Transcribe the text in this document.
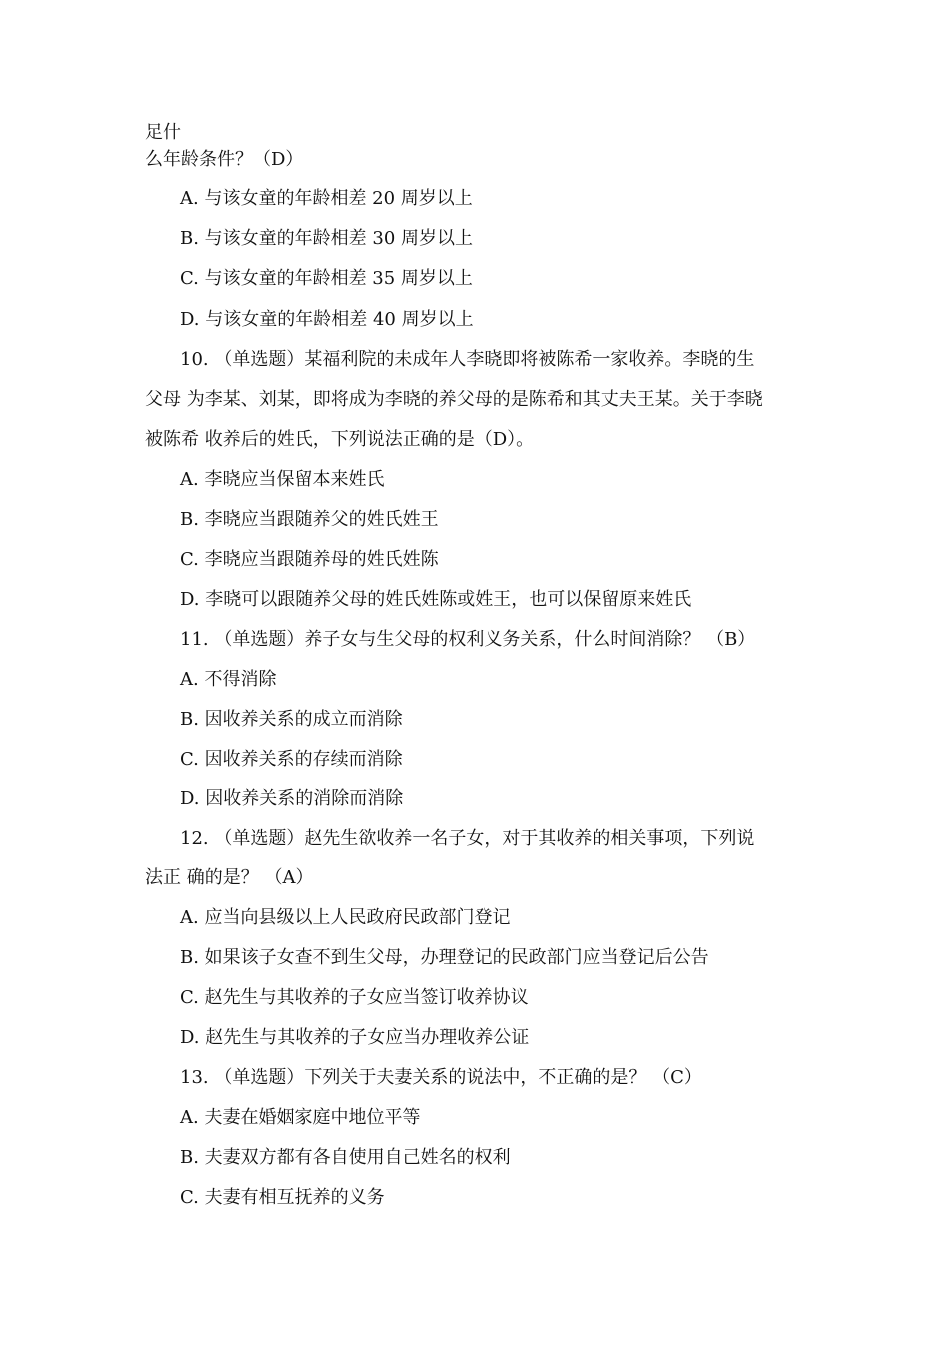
足什
么年龄条件？（D）
A. 与该女童的年龄相差 20 周岁以上
B. 与该女童的年龄相差 30 周岁以上
C. 与该女童的年龄相差 35 周岁以上
D. 与该女童的年龄相差 40 周岁以上
10. （单选题）某福利院的未成年人李晓即将被陈希一家收养。李晓的生
父母 为李某、刘某，即将成为李晓的养父母的是陈希和其丈夫王某。关于李晓
被陈希 收养后的姓氏，下列说法正确的是（D）。
A. 李晓应当保留本来姓氏
B. 李晓应当跟随养父的姓氏姓王
C. 李晓应当跟随养母的姓氏姓陈
D. 李晓可以跟随养父母的姓氏姓陈或姓王，也可以保留原来姓氏
11. （单选题）养子女与生父母的权利义务关系，什么时间消除？ （B）
A. 不得消除
B. 因收养关系的成立而消除
C. 因收养关系的存续而消除
D. 因收养关系的消除而消除
12. （单选题）赵先生欲收养一名子女，对于其收养的相关事项，下列说
法正 确的是？ （A）
A. 应当向县级以上人民政府民政部门登记
B. 如果该子女查不到生父母，办理登记的民政部门应当登记后公告
C. 赵先生与其收养的子女应当签订收养协议
D. 赵先生与其收养的子女应当办理收养公证
13. （单选题）下列关于夫妻关系的说法中，不正确的是？ （C）
A. 夫妻在婚姻家庭中地位平等
B. 夫妻双方都有各自使用自己姓名的权利
C. 夫妻有相互抚养的义务
